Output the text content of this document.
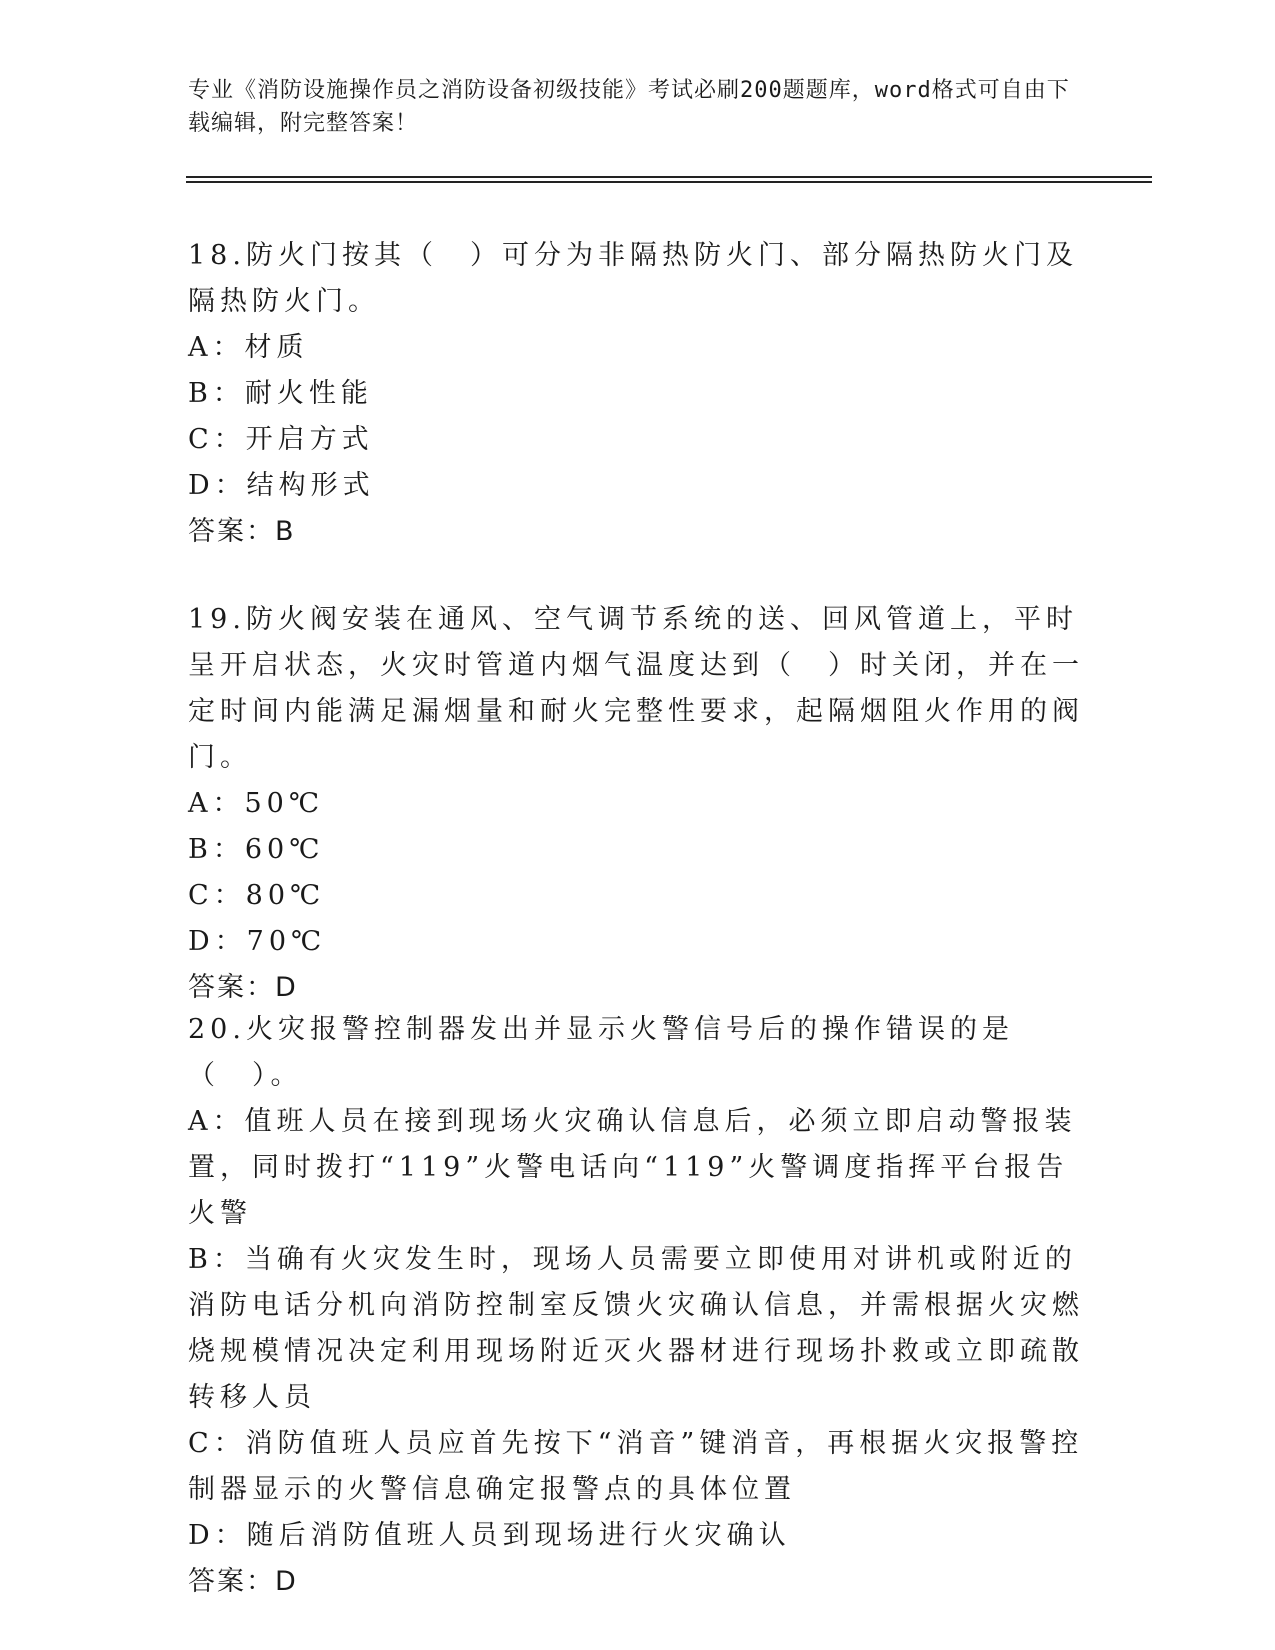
专业《消防设施操作员之消防设备初级技能》考试必刷200题题库，word格式可自由下载编辑，附完整答案！
18.防火门按其（　）可分为非隔热防火门、部分隔热防火门及隔热防火门。
A：材质
B：耐火性能
C：开启方式
D：结构形式
答案：B
19.防火阀安装在通风、空气调节系统的送、回风管道上，平时呈开启状态，火灾时管道内烟气温度达到（　）时关闭，并在一定时间内能满足漏烟量和耐火完整性要求，起隔烟阻火作用的阀门。
A：50℃
B：60℃
C：80℃
D：70℃
答案：D
20.火灾报警控制器发出并显示火警信号后的操作错误的是（　）。
A：值班人员在接到现场火灾确认信息后，必须立即启动警报装置，同时拨打“119”火警电话向“119”火警调度指挥平台报告火警
B：当确有火灾发生时，现场人员需要立即使用对讲机或附近的消防电话分机向消防控制室反馈火灾确认信息，并需根据火灾燃烧规模情况决定利用现场附近灭火器材进行现场扑救或立即疏散转移人员
C：消防值班人员应首先按下“消音”键消音，再根据火灾报警控制器显示的火警信息确定报警点的具体位置
D：随后消防值班人员到现场进行火灾确认
答案：D
